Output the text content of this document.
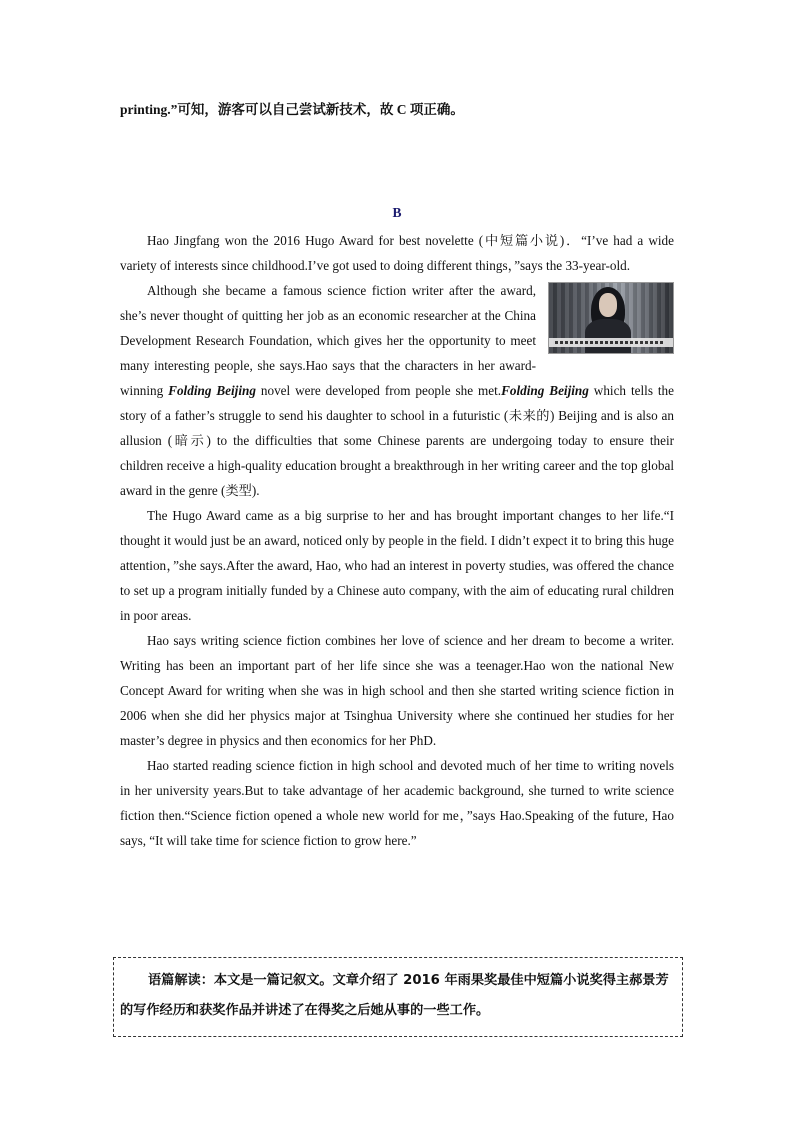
printing.”可知，游客可以自己尝试新技术，故 C 项正确。
B

Hao Jingfang won the 2016 Hugo Award for best novelette (中短篇小说)．“I’ve had a wide variety of interests since childhood.I’ve got used to doing different things，”says the 33-year-old.

Although she became a famous science fiction writer after the award, she’s never thought of quitting her job as an economic researcher at the China Development Research Foundation, which gives her the opportunity to meet many interesting people, she says.Hao says that the characters in her award-winning Folding Beijing novel were developed from people she met.Folding Beijing which tells the story of a father’s struggle to send his daughter to school in a futuristic (未来的) Beijing and is also an allusion (暗示) to the difficulties that some Chinese parents are undergoing today to ensure their children receive a high-quality education brought a breakthrough in her writing career and the top global award in the genre (类型).

The Hugo Award came as a big surprise to her and has brought important changes to her life.“I thought it would just be an award, noticed only by people in the field. I didn’t expect it to bring this huge attention，”she says.After the award, Hao, who had an interest in poverty studies, was offered the chance to set up a program initially funded by a Chinese auto company, with the aim of educating rural children in poor areas.

Hao says writing science fiction combines her love of science and her dream to become a writer. Writing has been an important part of her life since she was a teenager.Hao won the national New Concept Award for writing when she was in high school and then she started writing science fiction in 2006 when she did her physics major at Tsinghua University where she continued her studies for her master’s degree in physics and then economics for her PhD.

Hao started reading science fiction in high school and devoted much of her time to writing novels in her university years.But to take advantage of her academic background, she turned to write science fiction then.“Science fiction opened a whole new world for me，”says Hao.Speaking of the future, Hao says, “It will take time for science fiction to grow here.”

语篇解读：本文是一篇记叙文。文章介绍了 2016 年雨果奖最佳中短篇小说奖得主郝景芳的写作经历和获奖作品并讲述了在得奖之后她从事的一些工作。
